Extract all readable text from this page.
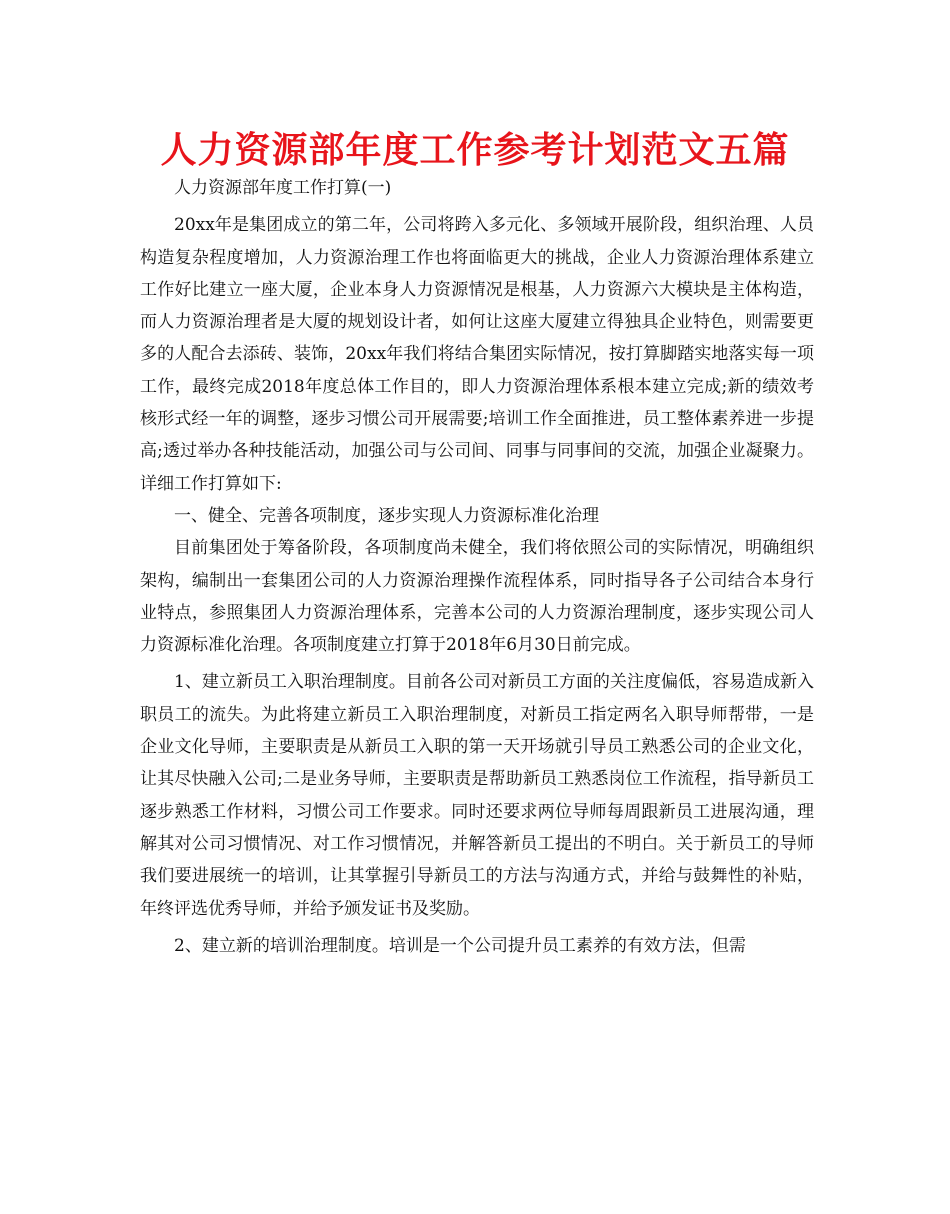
人力资源部年度工作参考计划范文五篇

人力资源部年度工作打算(一)

20xx年是集团成立的第二年，公司将跨入多元化、多领域开展阶段，组织治理、人员构造复杂程度增加，人力资源治理工作也将面临更大的挑战，企业人力资源治理体系建立工作好比建立一座大厦，企业本身人力资源情况是根基，人力资源六大模块是主体构造，而人力资源治理者是大厦的规划设计者，如何让这座大厦建立得独具企业特色，则需要更多的人配合去添砖、装饰，20xx年我们将结合集团实际情况，按打算脚踏实地落实每一项工作，最终完成2018年度总体工作目的，即人力资源治理体系根本建立完成;新的绩效考核形式经一年的调整，逐步习惯公司开展需要;培训工作全面推进，员工整体素养进一步提高;透过举办各种技能活动，加强公司与公司间、同事与同事间的交流，加强企业凝聚力。详细工作打算如下:

一、健全、完善各项制度，逐步实现人力资源标准化治理

目前集团处于筹备阶段，各项制度尚未健全，我们将依照公司的实际情况，明确组织架构，编制出一套集团公司的人力资源治理操作流程体系，同时指导各子公司结合本身行业特点，参照集团人力资源治理体系，完善本公司的人力资源治理制度，逐步实现公司人力资源标准化治理。各项制度建立打算于2018年6月30日前完成。

1、建立新员工入职治理制度。目前各公司对新员工方面的关注度偏低，容易造成新入职员工的流失。为此将建立新员工入职治理制度，对新员工指定两名入职导师帮带，一是企业文化导师，主要职责是从新员工入职的第一天开场就引导员工熟悉公司的企业文化，让其尽快融入公司;二是业务导师，主要职责是帮助新员工熟悉岗位工作流程，指导新员工逐步熟悉工作材料，习惯公司工作要求。同时还要求两位导师每周跟新员工进展沟通，理解其对公司习惯情况、对工作习惯情况，并解答新员工提出的不明白。关于新员工的导师我们要进展统一的培训，让其掌握引导新员工的方法与沟通方式，并给与鼓舞性的补贴，年终评选优秀导师，并给予颁发证书及奖励。

2、建立新的培训治理制度。培训是一个公司提升员工素养的有效方法，但需
